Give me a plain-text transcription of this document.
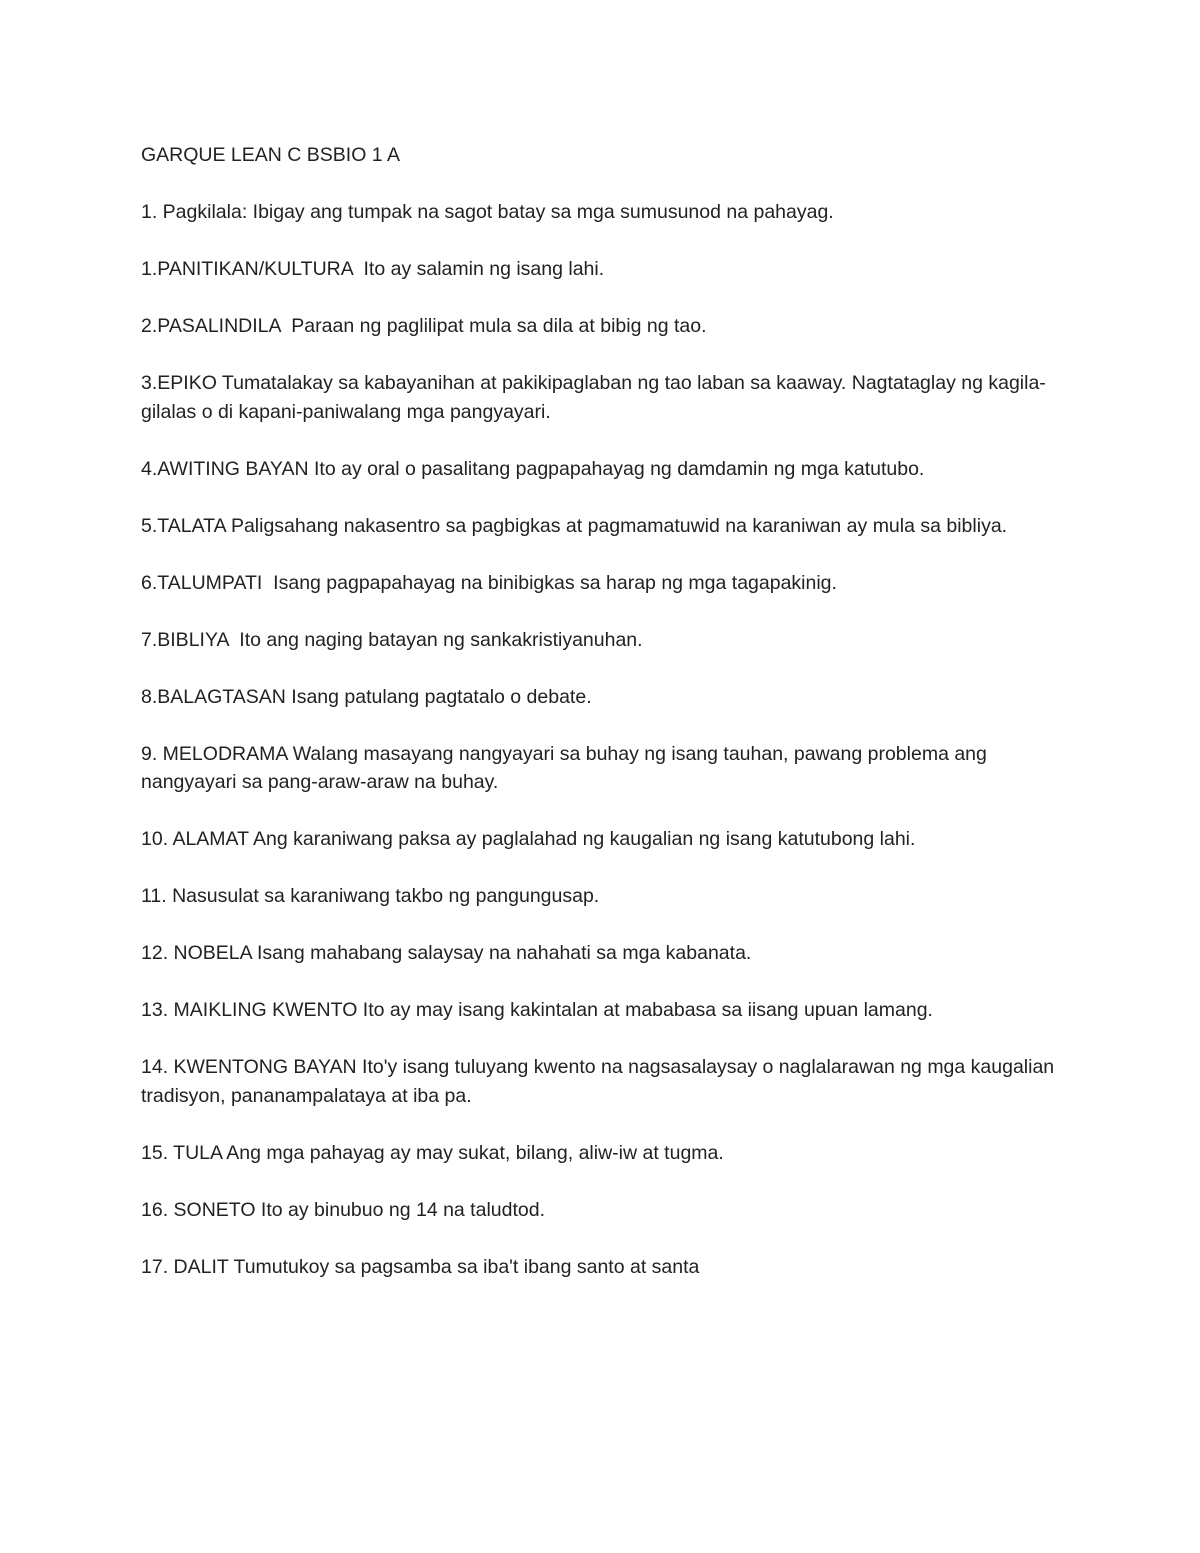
GARQUE LEAN C BSBIO 1 A

1. Pagkilala: Ibigay ang tumpak na sagot batay sa mga sumusunod na pahayag.

1.PANITIKAN/KULTURA  Ito ay salamin ng isang lahi.

2.PASALINDILA  Paraan ng paglilipat mula sa dila at bibig ng tao.

3.EPIKO Tumatalakay sa kabayanihan at pakikipaglaban ng tao laban sa kaaway. Nagtataglay ng kagila-gilalas o di kapani-paniwalang mga pangyayari.

4.AWITING BAYAN Ito ay oral o pasalitang pagpapahayag ng damdamin ng mga katutubo.

5.TALATA Paligsahang nakasentro sa pagbigkas at pagmamatuwid na karaniwan ay mula sa bibliya.

6.TALUMPATI  Isang pagpapahayag na binibigkas sa harap ng mga tagapakinig.

7.BIBLIYA  Ito ang naging batayan ng sankakristiyanuhan.

8.BALAGTASAN Isang patulang pagtatalo o debate.

9. MELODRAMA Walang masayang nangyayari sa buhay ng isang tauhan, pawang problema ang nangyayari sa pang-araw-araw na buhay.

10. ALAMAT Ang karaniwang paksa ay paglalahad ng kaugalian ng isang katutubong lahi.

11. Nasusulat sa karaniwang takbo ng pangungusap.

12. NOBELA Isang mahabang salaysay na nahahati sa mga kabanata.

13. MAIKLING KWENTO Ito ay may isang kakintalan at mababasa sa iisang upuan lamang.

14. KWENTONG BAYAN Ito'y isang tuluyang kwento na nagsasalaysay o naglalarawan ng mga kaugalian
tradisyon, pananampalataya at iba pa.

15. TULA Ang mga pahayag ay may sukat, bilang, aliw-iw at tugma.

16. SONETO Ito ay binubuo ng 14 na taludtod.

17. DALIT Tumutukoy sa pagsamba sa iba't ibang santo at santa
